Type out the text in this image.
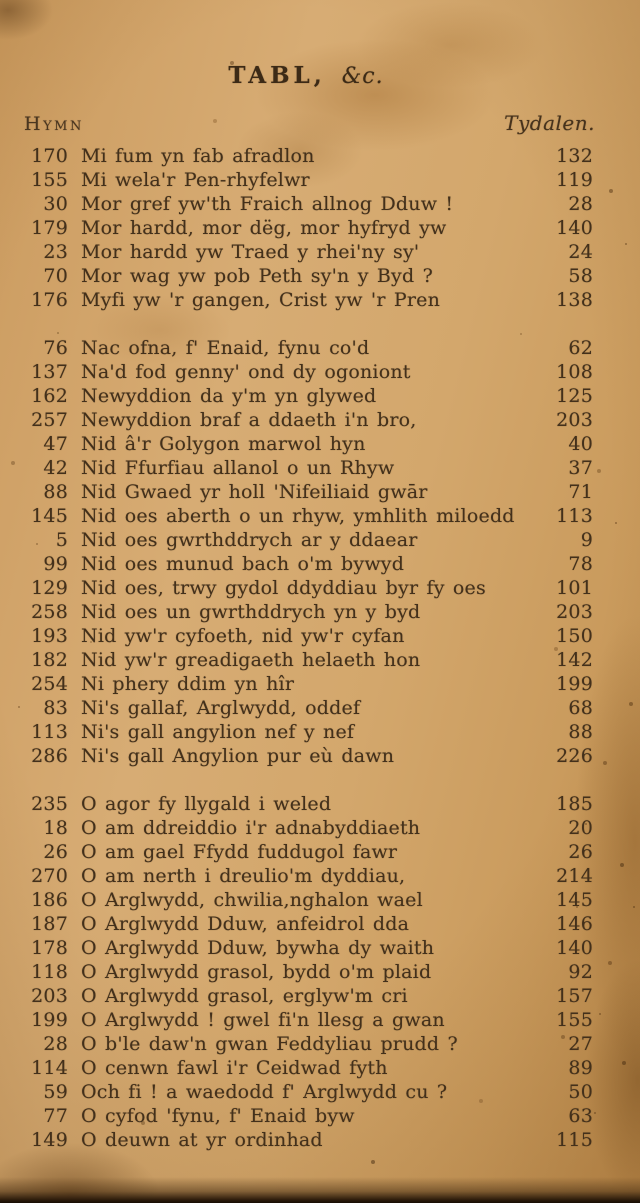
TABL, &c.
Hymn	Tydalen.
170 Mi fum yn fab afradlon	132
155 Mi wela'r Pen-rhyfelwr	119
30 Mor gref yw'th Fraich allnog Dduw !	28
179 Mor hardd, mor dëg, mor hyfryd yw	140
23 Mor hardd yw Traed y rhei'ny sy'	24
70 Mor wag yw pob Peth sy'n y Byd ?	58
176 Myfi yw 'r gangen, Crist yw 'r Pren	138
76 Nac ofna, f' Enaid, fynu co'd	62
137 Na'd fod genny' ond dy ogoniont	108
162 Newyddion da y'm yn glywed	125
257 Newyddion braf a ddaeth i'n bro,	203
47 Nid â'r Golygon marwol hyn	40
42 Nid Ffurfiau allanol o un Rhyw	37
88 Nid Gwaed yr holl 'Nifeiliaid gwār	71
145 Nid oes aberth o un rhyw, ymhlith miloedd	113
5 Nid oes gwrthddrych ar y ddaear	9
99 Nid oes munud bach o'm bywyd	78
129 Nid oes, trwy gydol ddyddiau byr fy oes	101
258 Nid oes un gwrthddrych yn y byd	203
193 Nid yw'r cyfoeth, nid yw'r cyfan	150
182 Nid yw'r greadigaeth helaeth hon	142
254 Ni phery ddim yn hîr	199
83 Ni's gallaf, Arglwydd, oddef	68
113 Ni's gall angylion nef y nef	88
286 Ni's gall Angylion pur eù dawn	226
235 O agor fy llygald i weled	185
18 O am ddreiddio i'r adnabyddiaeth	20
26 O am gael Ffydd fuddugol fawr	26
270 O am nerth i dreulio'm dyddiau,	214
186 O Arglwydd, chwilia,nghalon wael	145
187 O Arglwydd Dduw, anfeidrol dda	146
178 O Arglwydd Dduw, bywha dy waith	140
118 O Arglwydd grasol, bydd o'm plaid	92
203 O Arglwydd grasol, erglyw'm cri	157
199 O Arglwydd ! gwel fi'n llesg a gwan	155
28 O b'le daw'n gwan Feddyliau prudd ?	27
114 O cenwn fawl i'r Ceidwad fyth	89
59 Och fi ! a waedodd f' Arglwydd cu ?	50
77 O cyfod 'fynu, f' Enaid byw	63
149 O deuwn at yr ordinhad	115
